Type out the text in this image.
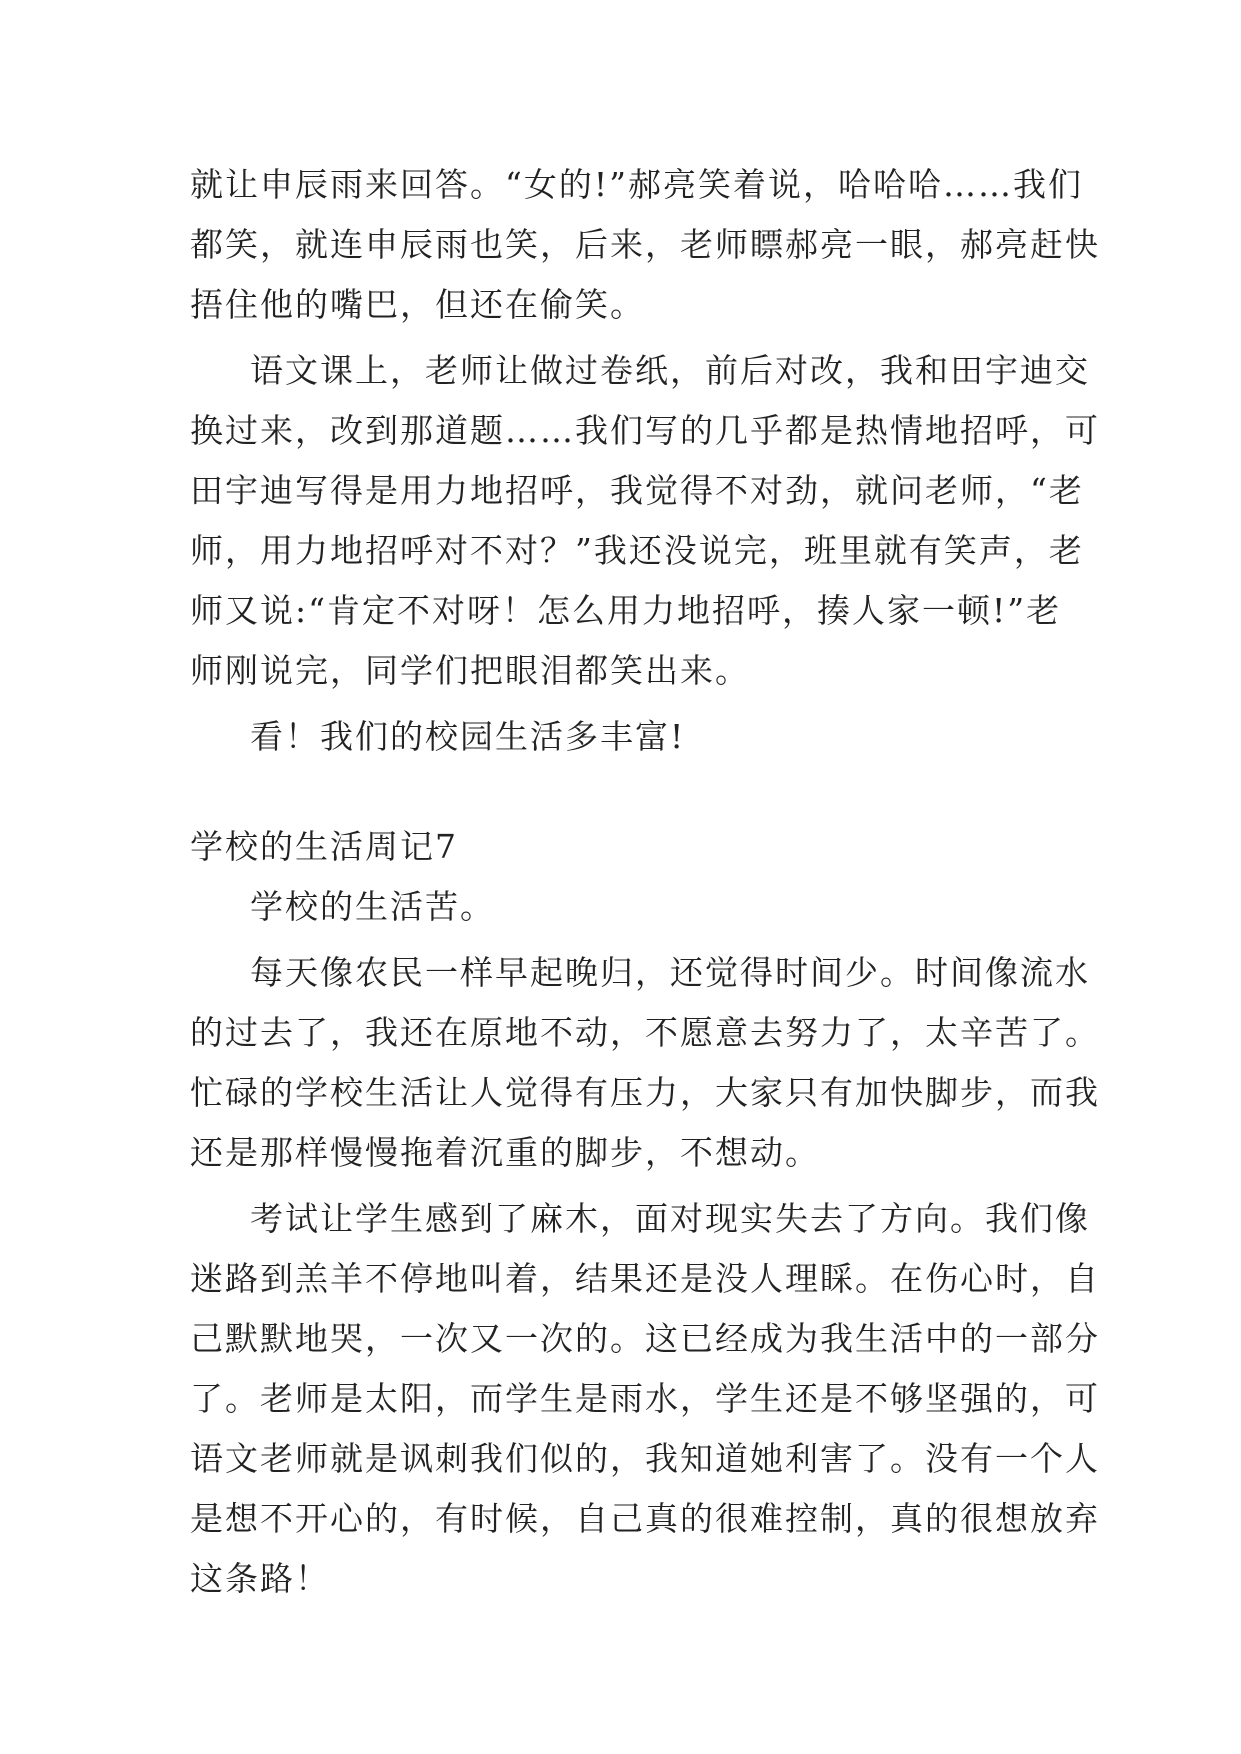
就让申辰雨来回答。“女的!”郝亮笑着说，哈哈哈……我们
都笑，就连申辰雨也笑，后来，老师瞟郝亮一眼，郝亮赶快
捂住他的嘴巴，但还在偷笑。

语文课上，老师让做过卷纸，前后对改，我和田宇迪交
换过来，改到那道题……我们写的几乎都是热情地招呼，可
田宇迪写得是用力地招呼，我觉得不对劲，就问老师，“老
师，用力地招呼对不对？”我还没说完，班里就有笑声，老
师又说:“肯定不对呀！怎么用力地招呼，揍人家一顿!”老
师刚说完，同学们把眼泪都笑出来。

看！我们的校园生活多丰富!

学校的生活周记7

学校的生活苦。

每天像农民一样早起晚归，还觉得时间少。时间像流水
的过去了，我还在原地不动，不愿意去努力了，太辛苦了。
忙碌的学校生活让人觉得有压力，大家只有加快脚步，而我
还是那样慢慢拖着沉重的脚步，不想动。

考试让学生感到了麻木，面对现实失去了方向。我们像
迷路到羔羊不停地叫着，结果还是没人理睬。在伤心时，自
己默默地哭，一次又一次的。这已经成为我生活中的一部分
了。老师是太阳，而学生是雨水，学生还是不够坚强的，可
语文老师就是讽刺我们似的，我知道她利害了。没有一个人
是想不开心的，有时候，自己真的很难控制，真的很想放弃
这条路！
